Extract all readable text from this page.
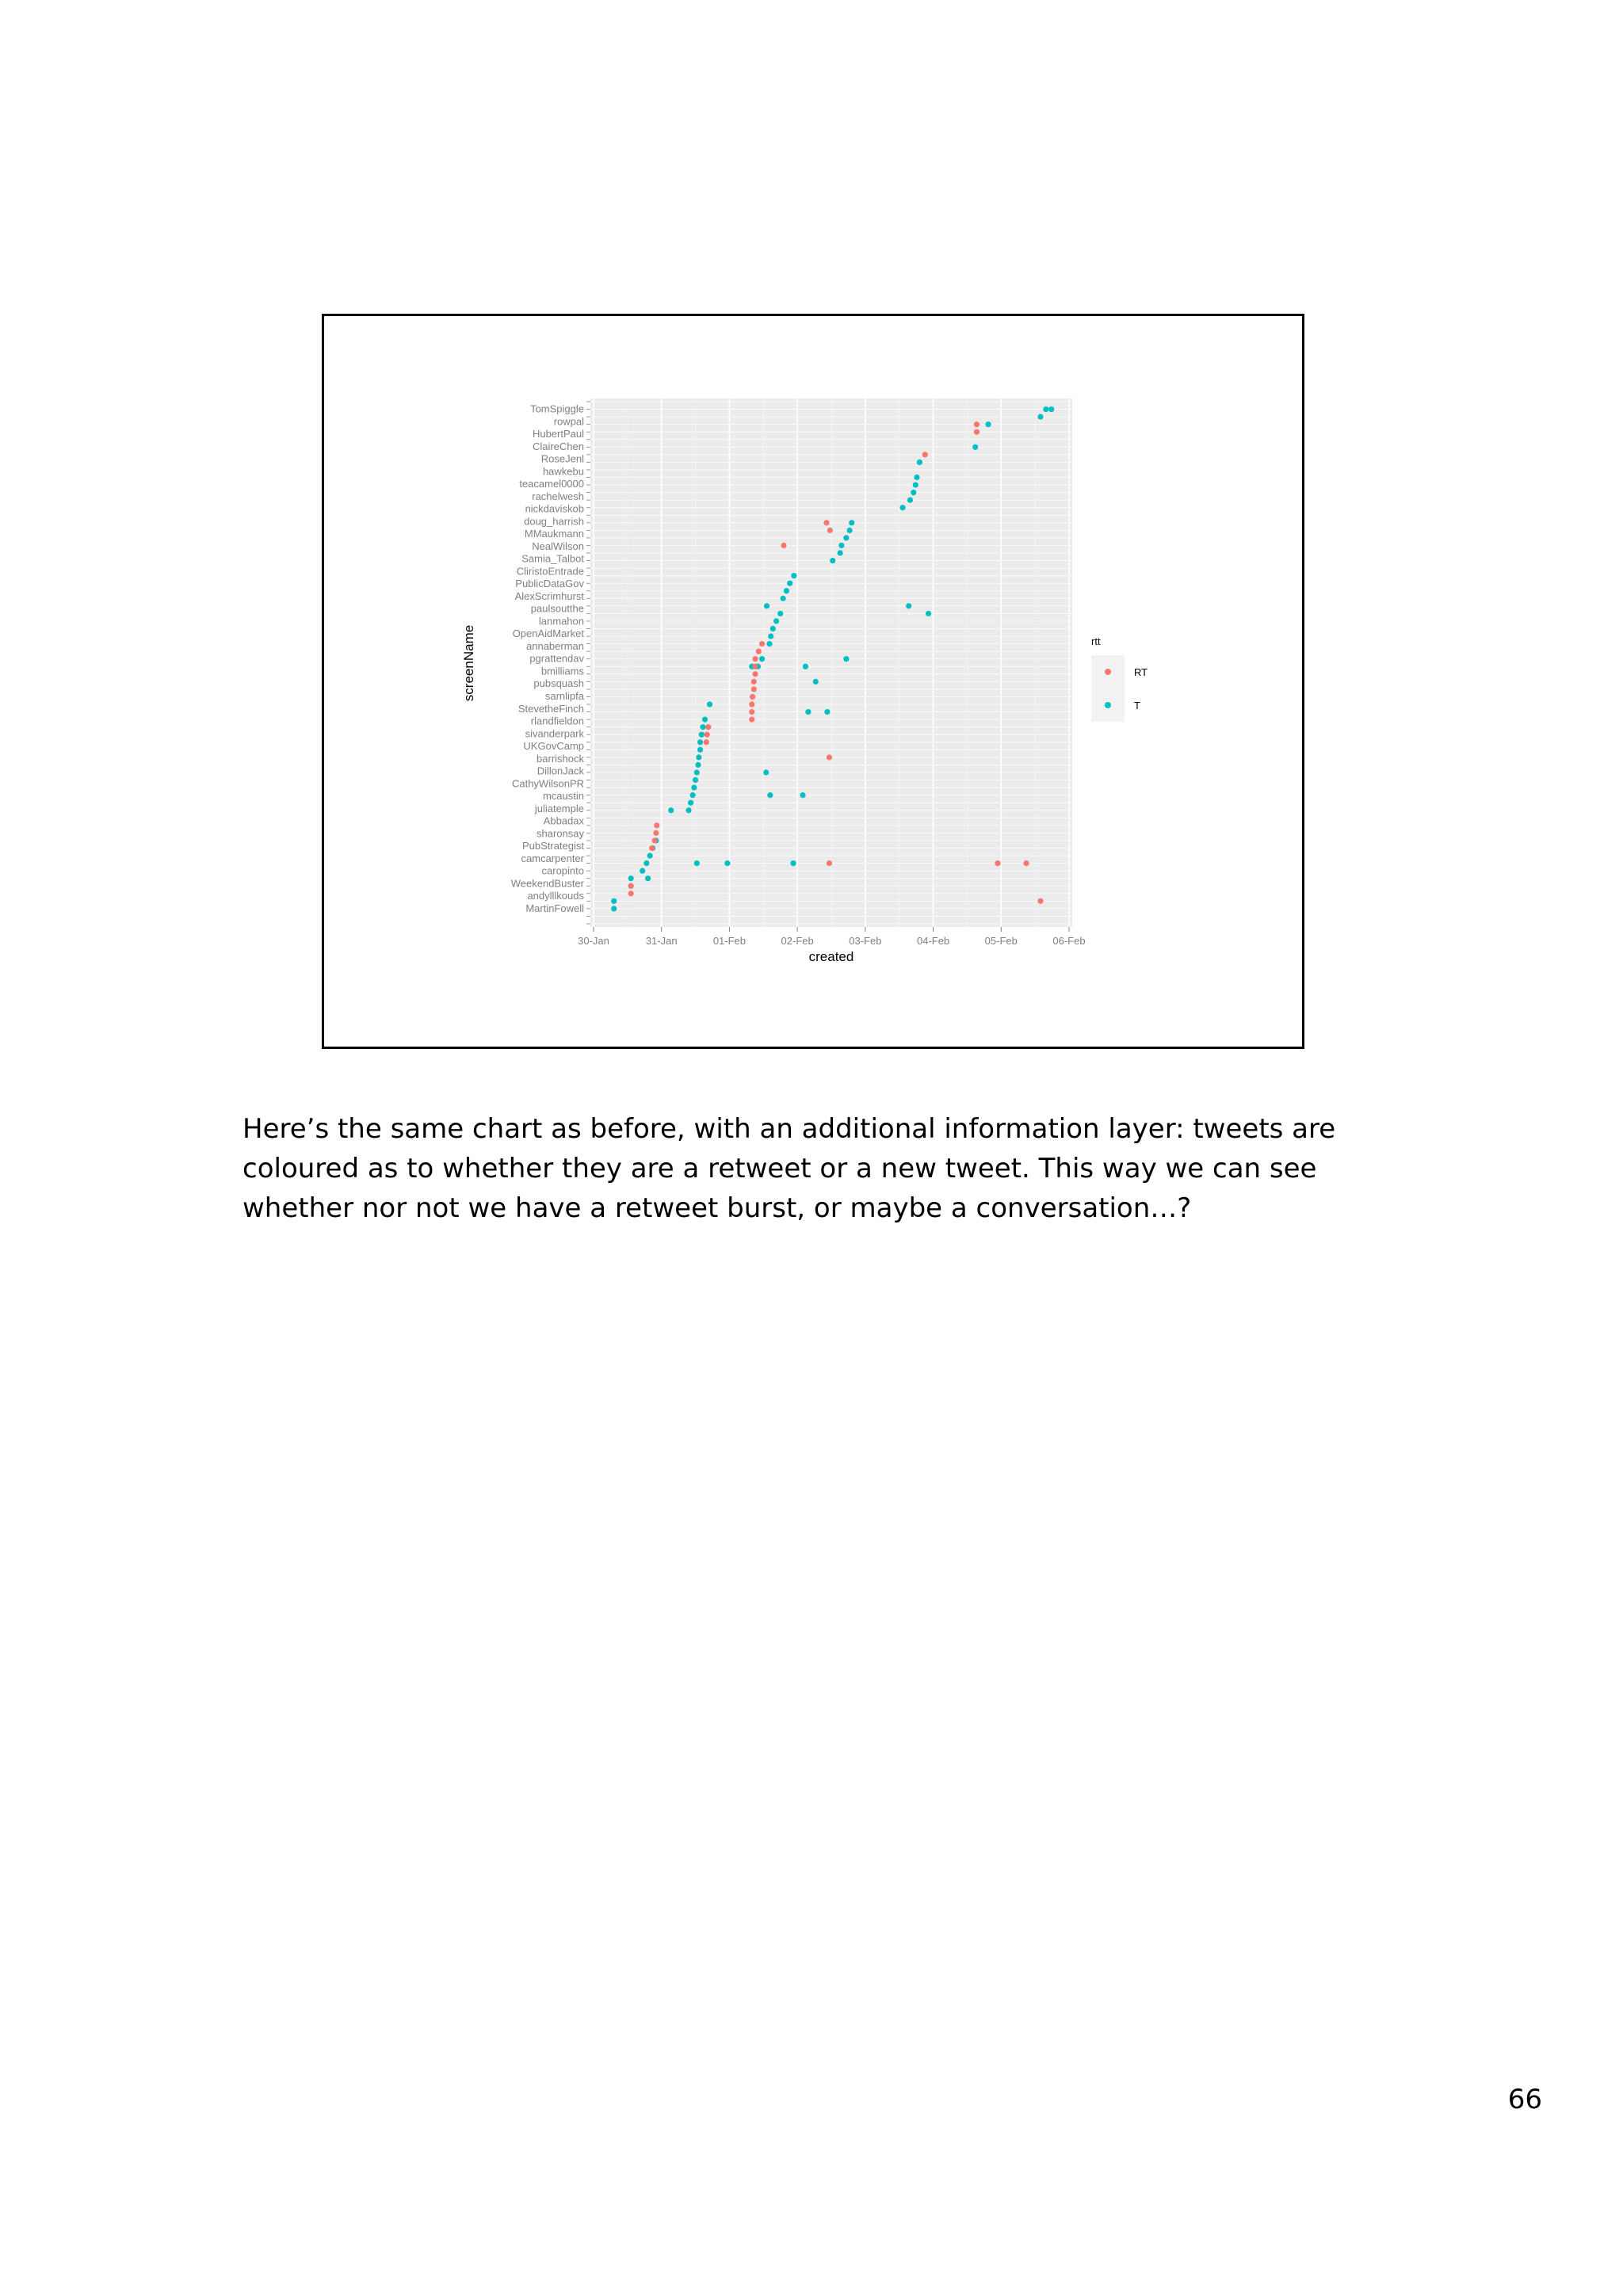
TomSpiggle
rowpal
HubertPaul
ClaireChen
RoseJenl
hawkebu
teacamel0000
rachelwesh
nickdaviskob
doug_harrish
MMaukmann
NealWilson
Samia_Talbot
CliristoEntrade
PublicDataGov
AlexScrimhurst
paulsoutthe
lanmahon
OpenAidMarket
annaberman
pgrattendav
bmilliams
pubsquash
sarnlipfa
StevetheFinch
rlandfieldon
sivanderpark
UKGovCamp
barrishock
DillonJack
CathyWilsonPR
mcaustin
juliatemple
Abbadax
sharonsay
PubStrategist
camcarpenter
caropinto
WeekendBuster
andylllkouds
MartinFowell
30-Jan	31-Jan	01-Feb	02-Feb	03-Feb	04-Feb	05-Feb	06-Feb
created
screenName	rtt
RT
T

Here’s the same chart as before, with an additional information layer: tweets are coloured as to whether they are a retweet or a new tweet. This way we can see whether nor not we have a retweet burst, or maybe a conversation…?

66
